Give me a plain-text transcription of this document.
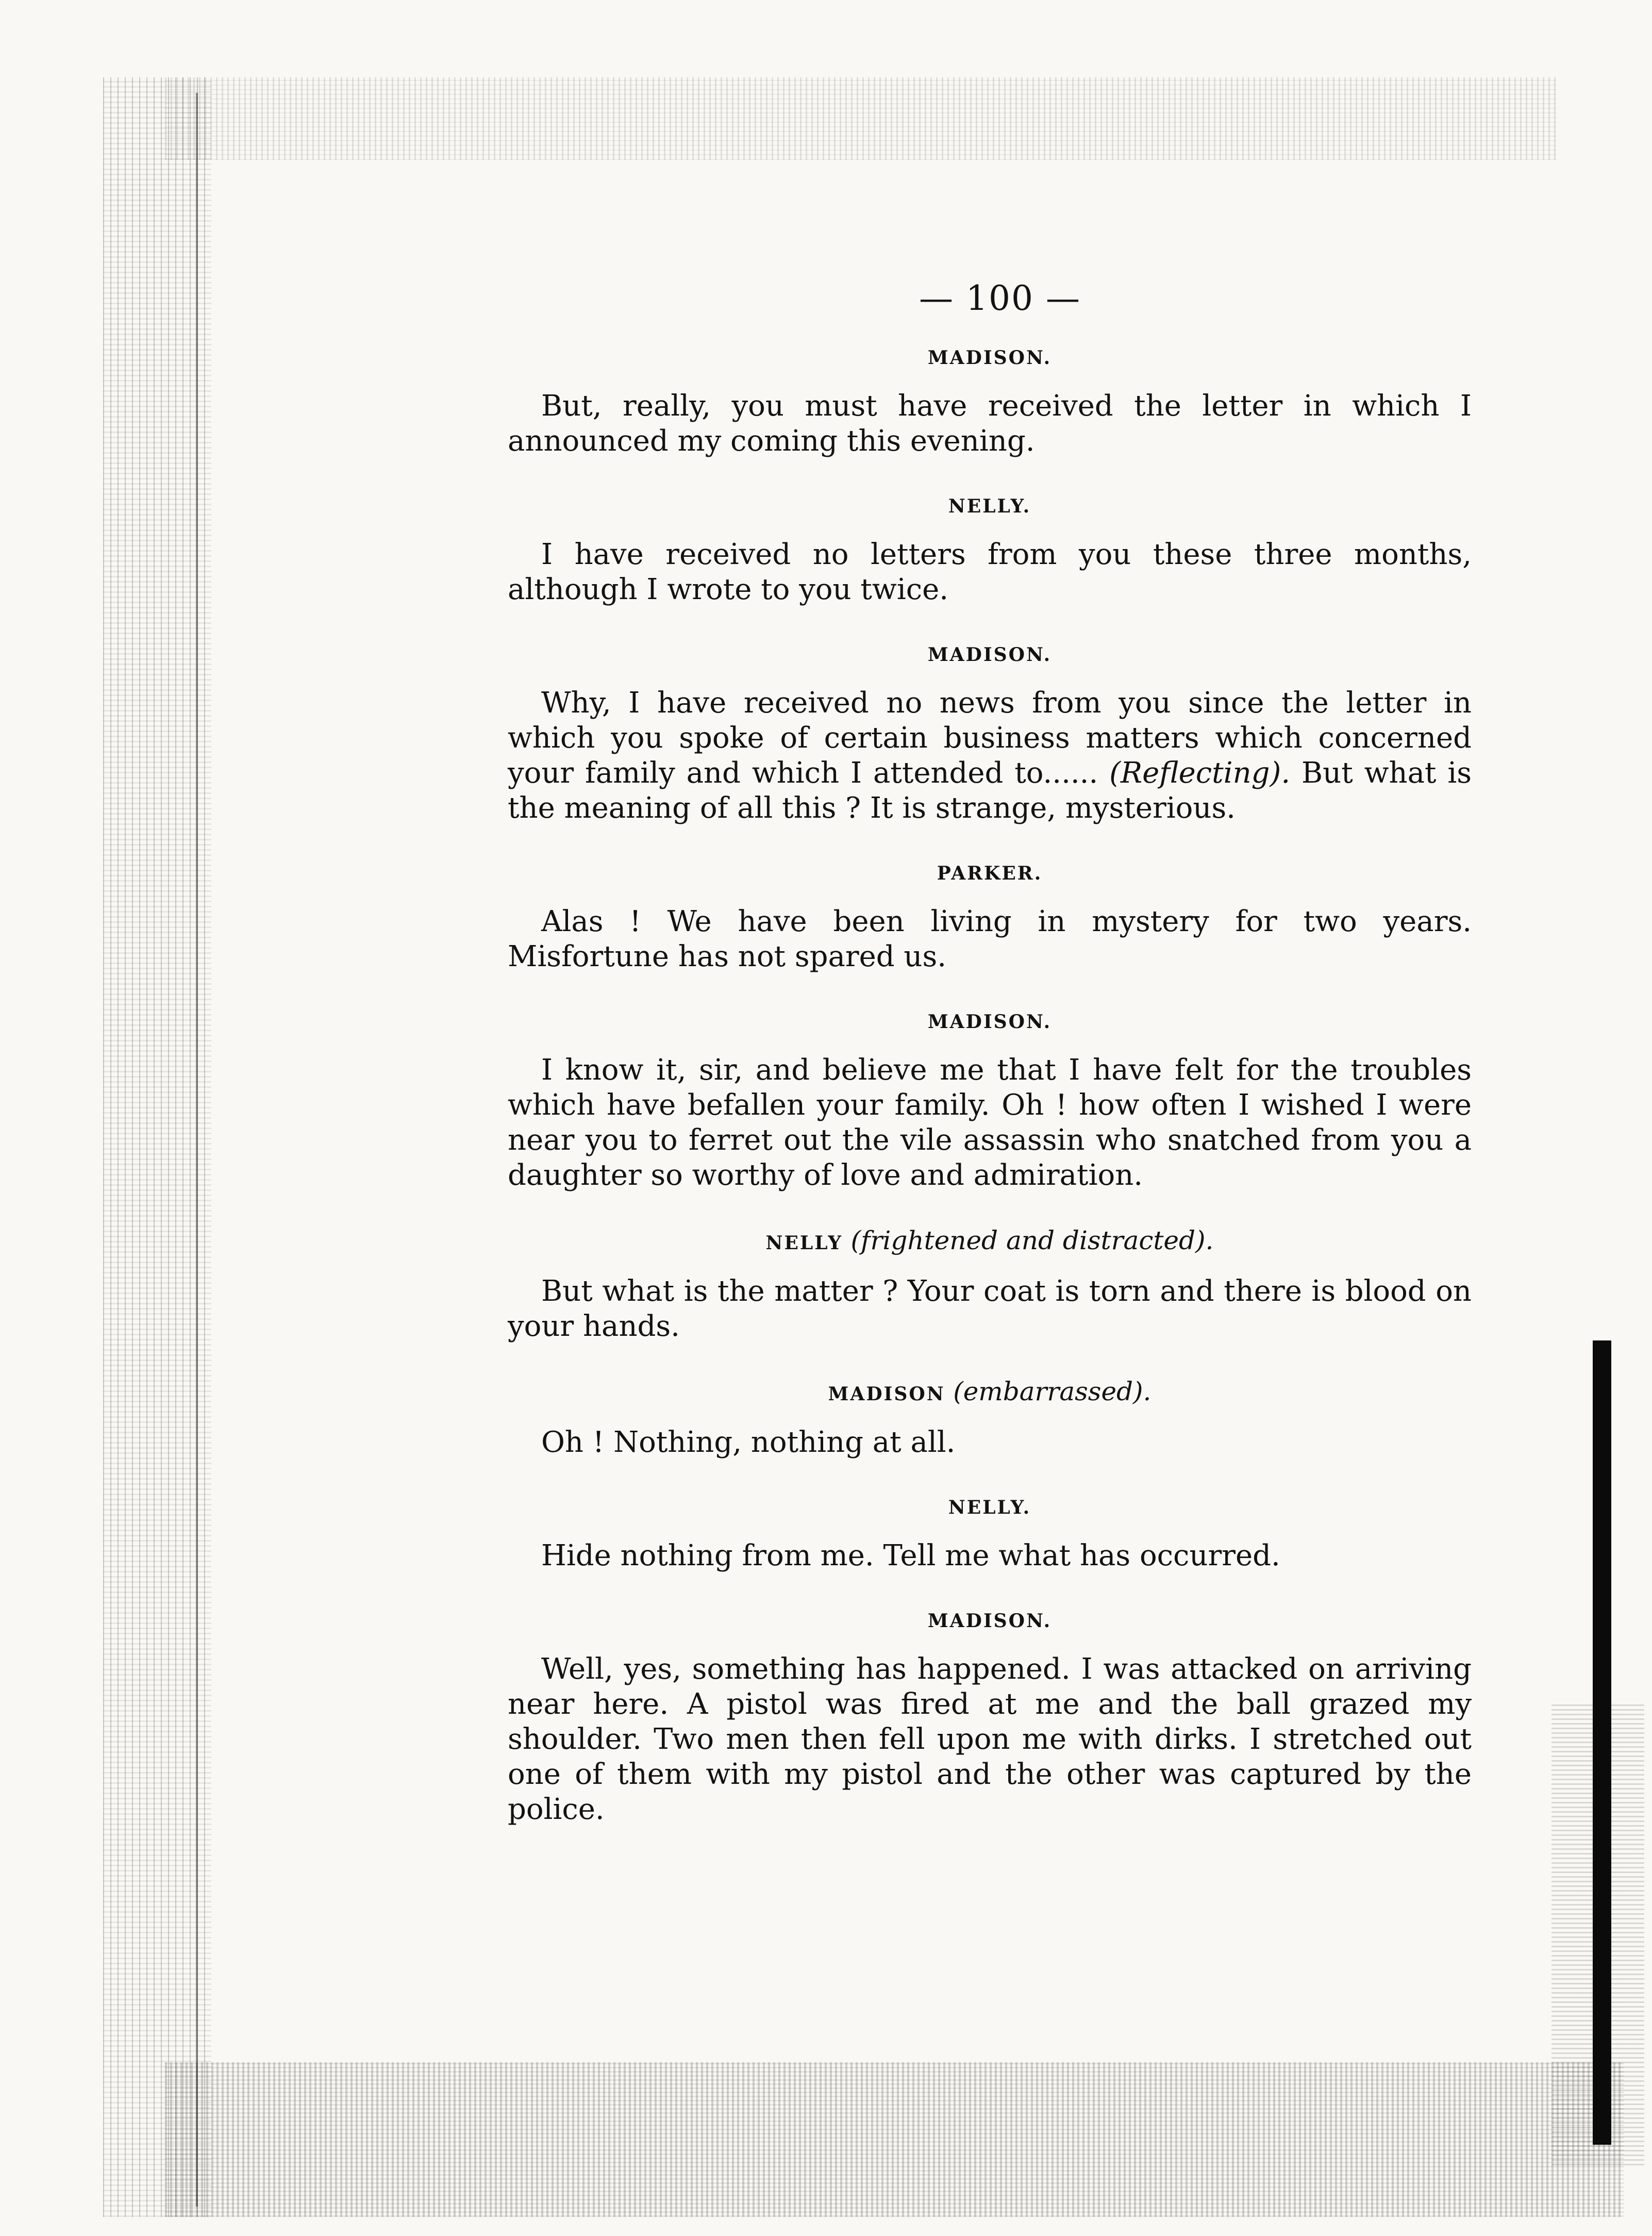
— 100 —
MADISON.

But, really, you must have received the letter in which I announced my coming this evening.

NELLY.

I have received no letters from you these three months, although I wrote to you twice.

MADISON.

Why, I have received no news from you since the letter in which you spoke of certain business matters which concerned your family and which I attended to...... (Reflecting). But what is the meaning of all this ? It is strange, mysterious.

PARKER.

Alas ! We have been living in mystery for two years. Misfortune has not spared us.

MADISON.

I know it, sir, and believe me that I have felt for the troubles which have befallen your family. Oh ! how often I wished I were near you to ferret out the vile assassin who snatched from you a daughter so worthy of love and admiration.

NELLY (frightened and distracted).

But what is the matter ? Your coat is torn and there is blood on your hands.

MADISON (embarrassed).

Oh ! Nothing, nothing at all.

NELLY.

Hide nothing from me. Tell me what has occurred.

MADISON.

Well, yes, something has happened. I was attacked on arriving near here. A pistol was fired at me and the ball grazed my shoulder. Two men then fell upon me with dirks. I stretched out one of them with my pistol and the other was captured by the police.
